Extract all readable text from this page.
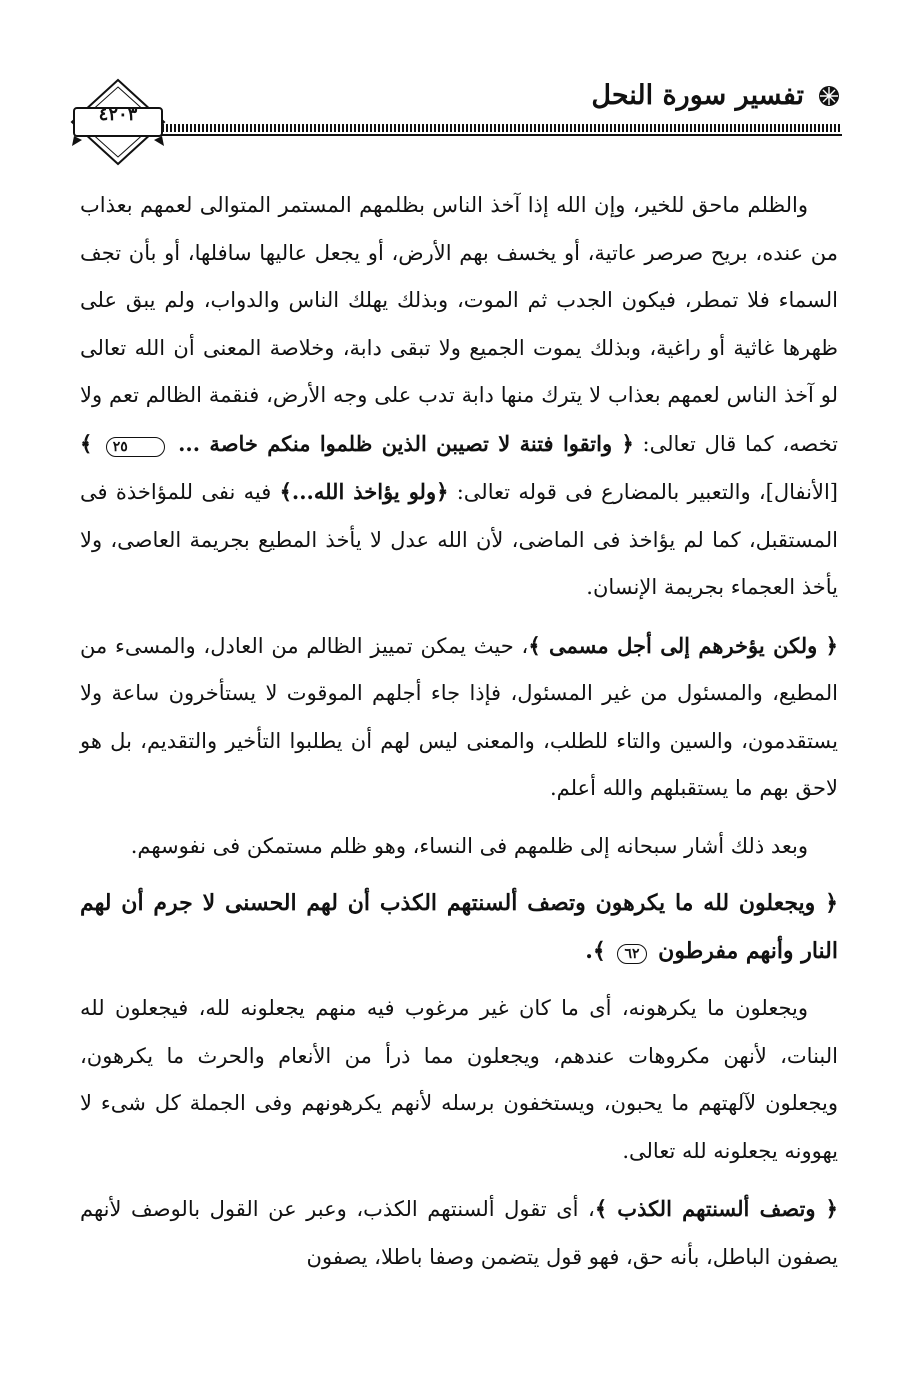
تفسير سورة النحل
٤٢٠٣

والظلم ماحق للخير، وإن الله إذا آخذ الناس بظلمهم المستمر المتوالى لعمهم بعذاب من عنده، بريح صرصر عاتية، أو يخسف بهم الأرض، أو يجعل عاليها سافلها، أو بأن تجف السماء فلا تمطر، فيكون الجدب ثم الموت، وبذلك يهلك الناس والدواب، ولم يبق على ظهرها غاثية أو راغية، وبذلك يموت الجميع ولا تبقى دابة، وخلاصة المعنى أن الله تعالى لو آخذ الناس لعمهم بعذاب لا يترك منها دابة تدب على وجه الأرض، فنقمة الظالم تعم ولا تخصه، كما قال تعالى: ﴿ واتقوا فتنة لا تصيبن الذين ظلموا منكم خاصة ... ٢٥ ﴾ [الأنفال]، والتعبير بالمضارع فى قوله تعالى: ﴿ولو يؤاخذ الله...﴾ فيه نفى للمؤاخذة فى المستقبل، كما لم يؤاخذ فى الماضى، لأن الله عدل لا يأخذ المطيع بجريمة العاصى، ولا يأخذ العجماء بجريمة الإنسان.

﴿ ولكن يؤخرهم إلى أجل مسمى ﴾، حيث يمكن تمييز الظالم من العادل، والمسىء من المطيع، والمسئول من غير المسئول، فإذا جاء أجلهم الموقوت لا يستأخرون ساعة ولا يستقدمون، والسين والتاء للطلب، والمعنى ليس لهم أن يطلبوا التأخير والتقديم، بل هو لاحق بهم ما يستقبلهم والله أعلم.

وبعد ذلك أشار سبحانه إلى ظلمهم فى النساء، وهو ظلم مستمكن فى نفوسهم.

﴿ ويجعلون لله ما يكرهون وتصف ألسنتهم الكذب أن لهم الحسنى لا جرم أن لهم النار وأنهم مفرطون ٦٢ ﴾.

ويجعلون ما يكرهونه، أى ما كان غير مرغوب فيه منهم يجعلونه لله، فيجعلون لله البنات، لأنهن مكروهات عندهم، ويجعلون مما ذرأ من الأنعام والحرث ما يكرهون، ويجعلون لآلهتهم ما يحبون، ويستخفون برسله لأنهم يكرهونهم وفى الجملة كل شىء لا يهوونه يجعلونه لله تعالى.

﴿ وتصف ألسنتهم الكذب ﴾، أى تقول ألسنتهم الكذب، وعبر عن القول بالوصف لأنهم يصفون الباطل، بأنه حق، فهو قول يتضمن وصفا باطلا، يصفون
